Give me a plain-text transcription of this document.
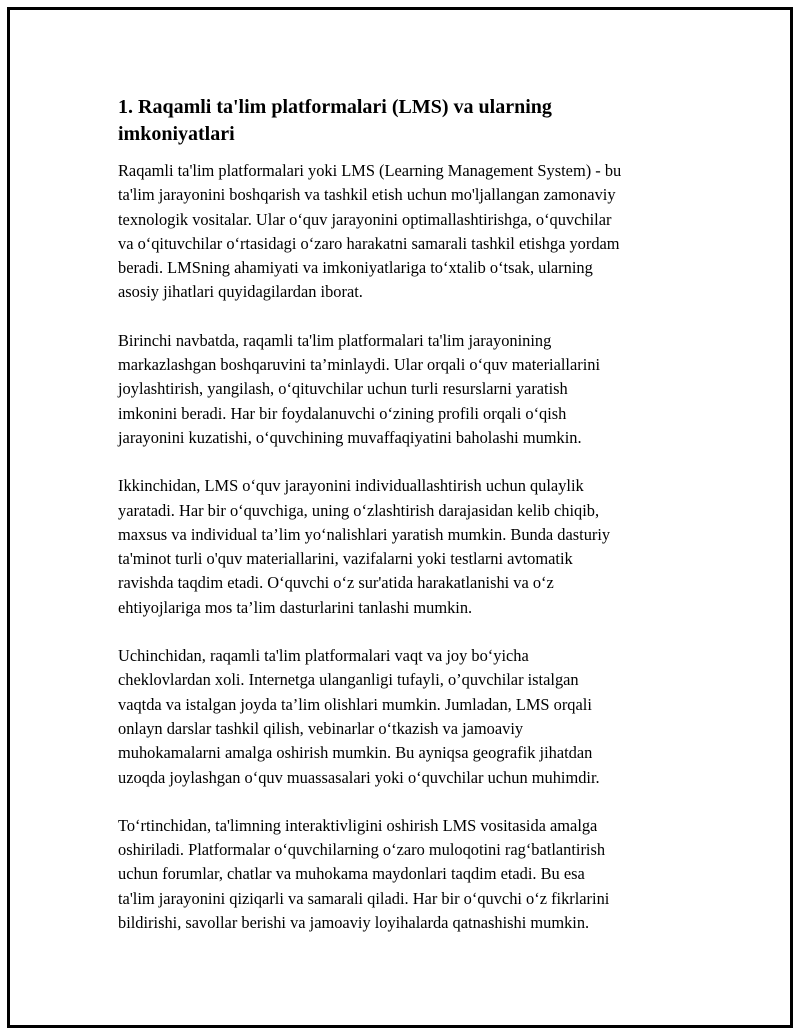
1. Raqamli ta'lim platformalari (LMS) va ularning
imkoniyatlari

Raqamli ta'lim platformalari yoki LMS (Learning Management System) - bu
ta'lim jarayonini boshqarish va tashkil etish uchun mo'ljallangan zamonaviy
texnologik vositalar. Ular o‘quv jarayonini optimallashtirishga, o‘quvchilar
va o‘qituvchilar o‘rtasidagi o‘zaro harakatni samarali tashkil etishga yordam
beradi. LMSning ahamiyati va imkoniyatlariga to‘xtalib o‘tsak, ularning
asosiy jihatlari quyidagilardan iborat.

Birinchi navbatda, raqamli ta'lim platformalari ta'lim jarayonining
markazlashgan boshqaruvini ta’minlaydi. Ular orqali o‘quv materiallarini
joylashtirish, yangilash, o‘qituvchilar uchun turli resurslarni yaratish
imkonini beradi. Har bir foydalanuvchi o‘zining profili orqali o‘qish
jarayonini kuzatishi, o‘quvchining muvaffaqiyatini baholashi mumkin.

Ikkinchidan, LMS o‘quv jarayonini individuallashtirish uchun qulaylik
yaratadi. Har bir o‘quvchiga, uning o‘zlashtirish darajasidan kelib chiqib,
maxsus va individual ta’lim yo‘nalishlari yaratish mumkin. Bunda dasturiy
ta'minot turli o'quv materiallarini, vazifalarni yoki testlarni avtomatik
ravishda taqdim etadi. O‘quvchi o‘z sur'atida harakatlanishi va o‘z
ehtiyojlariga mos ta’lim dasturlarini tanlashi mumkin.

Uchinchidan, raqamli ta'lim platformalari vaqt va joy bo‘yicha
cheklovlardan xoli. Internetga ulanganligi tufayli, o’quvchilar istalgan
vaqtda va istalgan joyda ta’lim olishlari mumkin. Jumladan, LMS orqali
onlayn darslar tashkil qilish, vebinarlar o‘tkazish va jamoaviy
muhokamalarni amalga oshirish mumkin. Bu ayniqsa geografik jihatdan
uzoqda joylashgan o‘quv muassasalari yoki o‘quvchilar uchun muhimdir.

To‘rtinchidan, ta'limning interaktivligini oshirish LMS vositasida amalga
oshiriladi. Platformalar o‘quvchilarning o‘zaro muloqotini rag‘batlantirish
uchun forumlar, chatlar va muhokama maydonlari taqdim etadi. Bu esa
ta'lim jarayonini qiziqarli va samarali qiladi. Har bir o‘quvchi o‘z fikrlarini
bildirishi, savollar berishi va jamoaviy loyihalarda qatnashishi mumkin.
